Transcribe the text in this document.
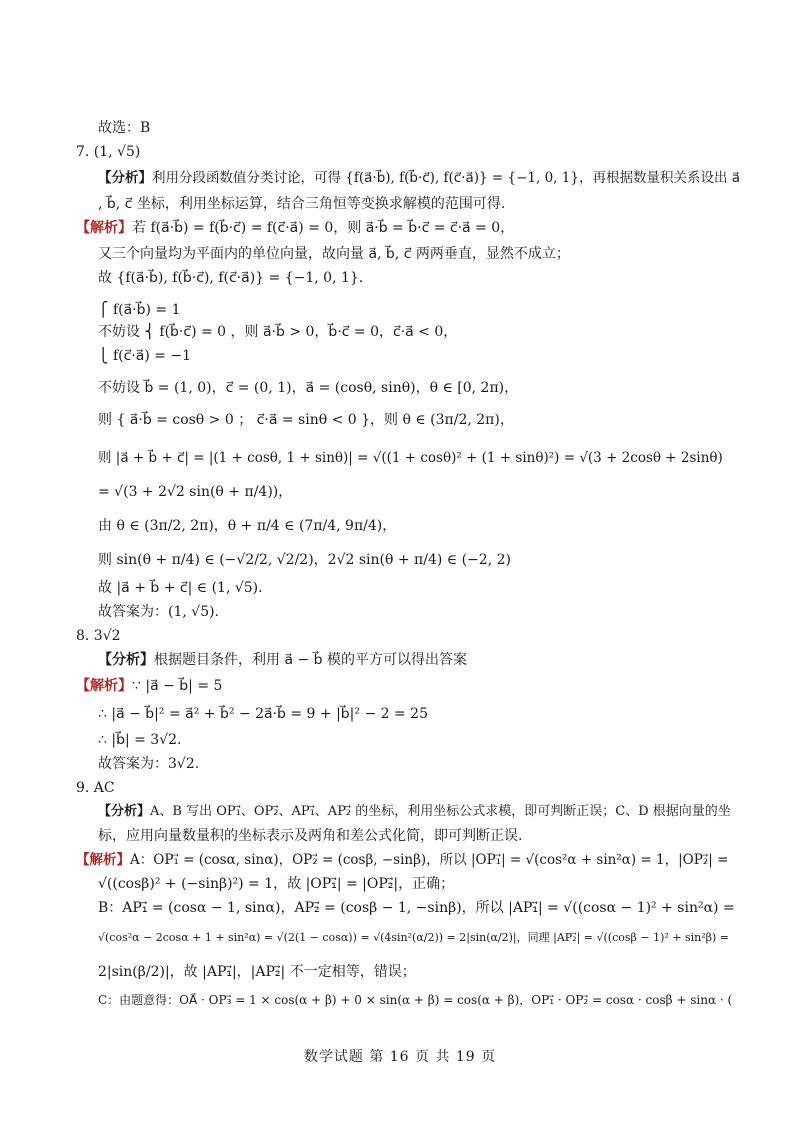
故选：B
7. (1, √5)
【分析】利用分段函数值分类讨论，可得 {f(a⃗·b⃗), f(b⃗·c⃗), f(c⃗·a⃗)} = {−1, 0, 1}，再根据数量积关系设出 a⃗
, b⃗, c⃗ 坐标，利用坐标运算，结合三角恒等变换求解模的范围可得.
【解析】若 f(a⃗·b⃗) = f(b⃗·c⃗) = f(c⃗·a⃗) = 0，则 a⃗·b⃗ = b⃗·c⃗ = c⃗·a⃗ = 0，
又三个向量均为平面内的单位向量，故向量 a⃗, b⃗, c⃗ 两两垂直，显然不成立；
故 {f(a⃗·b⃗), f(b⃗·c⃗), f(c⃗·a⃗)} = {−1, 0, 1}.
⎧ f(a⃗·b⃗) = 1
不妨设 ⎨ f(b⃗·c⃗) = 0 ，则 a⃗·b⃗ > 0，b⃗·c⃗ = 0，c⃗·a⃗ < 0，
⎩ f(c⃗·a⃗) = −1
不妨设 b⃗ = (1, 0)，c⃗ = (0, 1)，a⃗ = (cosθ, sinθ)，θ ∈ [0, 2π)，
则 { a⃗·b⃗ = cosθ > 0 ； c⃗·a⃗ = sinθ < 0 }，则 θ ∈ (3π/2, 2π)，
则 |a⃗ + b⃗ + c⃗| = |(1 + cosθ, 1 + sinθ)| = √((1 + cosθ)² + (1 + sinθ)²) = √(3 + 2cosθ + 2sinθ)
= √(3 + 2√2 sin(θ + π/4))，
由 θ ∈ (3π/2, 2π)，θ + π/4 ∈ (7π/4, 9π/4)，
则 sin(θ + π/4) ∈ (−√2/2, √2/2)，2√2 sin(θ + π/4) ∈ (−2, 2)
故 |a⃗ + b⃗ + c⃗| ∈ (1, √5).
故答案为：(1, √5).
8. 3√2
【分析】根据题目条件，利用 a⃗ − b⃗ 模的平方可以得出答案
【解析】∵ |a⃗ − b⃗| = 5
∴ |a⃗ − b⃗|² = a⃗² + b⃗² − 2a⃗·b⃗ = 9 + |b⃗|² − 2 = 25
∴ |b⃗| = 3√2.
故答案为：3√2.
9. AC
【分析】A、B 写出 OP₁⃗、OP₂⃗、AP₁⃗、AP₂⃗ 的坐标，利用坐标公式求模，即可判断正误；C、D 根据向量的坐
标，应用向量数量积的坐标表示及两角和差公式化简，即可判断正误.
【解析】A：OP₁⃗ = (cosα, sinα)，OP₂⃗ = (cosβ, −sinβ)，所以 |OP₁⃗| = √(cos²α + sin²α) = 1，|OP₂⃗| =
√((cosβ)² + (−sinβ)²) = 1，故 |OP₁⃗| = |OP₂⃗|，正确；
B：AP₁⃗ = (cosα − 1, sinα)，AP₂⃗ = (cosβ − 1, −sinβ)，所以 |AP₁⃗| = √((cosα − 1)² + sin²α) =
√(cos²α − 2cosα + 1 + sin²α) = √(2(1 − cosα)) = √(4sin²(α/2)) = 2|sin(α/2)|，同理 |AP₂⃗| = √((cosβ − 1)² + sin²β) =
2|sin(β/2)|，故 |AP₁⃗|，|AP₂⃗| 不一定相等，错误；
C：由题意得：OA⃗ · OP₃⃗ = 1 × cos(α + β) + 0 × sin(α + β) = cos(α + β)，OP₁⃗ · OP₂⃗ = cosα · cosβ + sinα · (
数学试题 第 16 页 共 19 页
